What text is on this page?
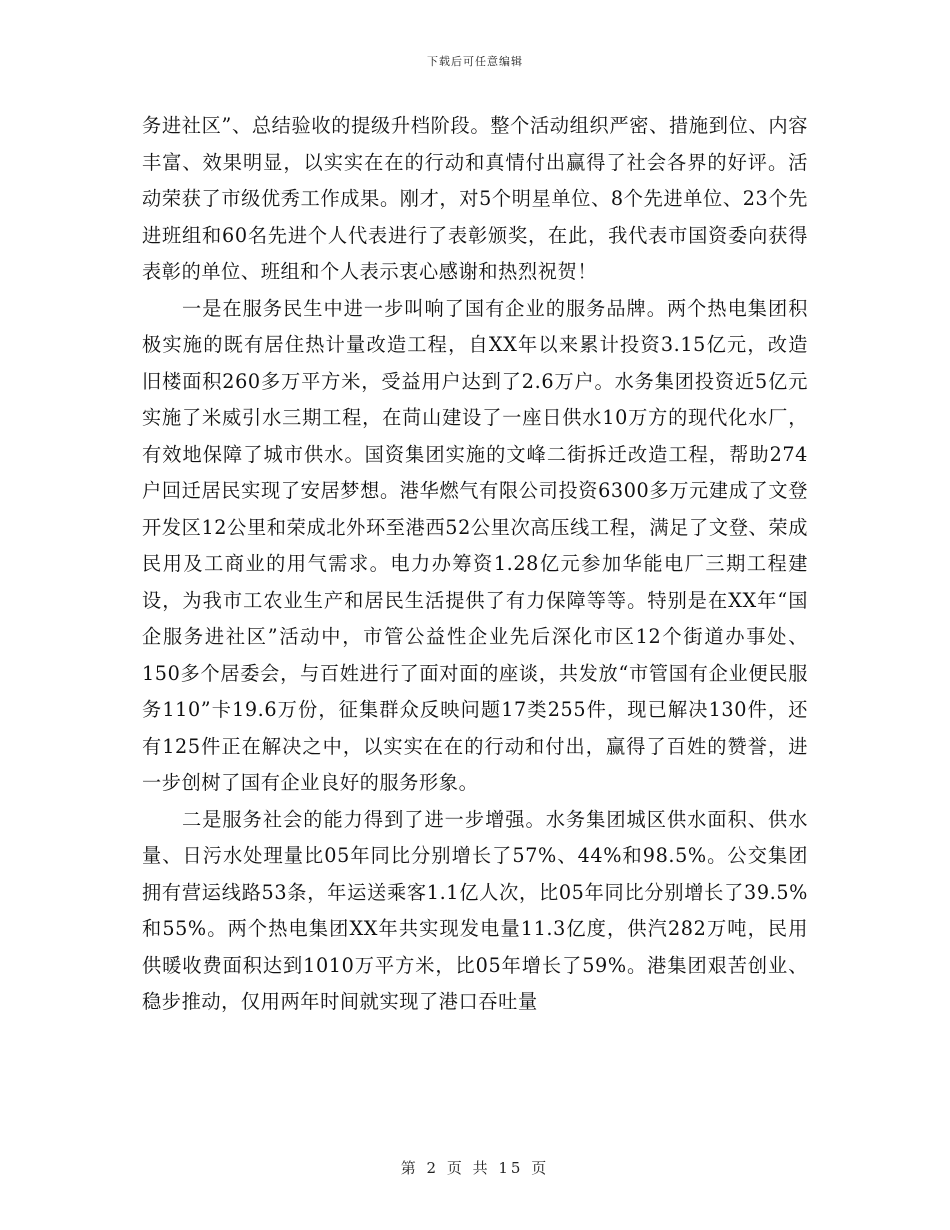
下载后可任意编辑

务进社区”、总结验收的提级升档阶段。整个活动组织严密、措施到位、内容丰富、效果明显，以实实在在的行动和真情付出赢得了社会各界的好评。活动荣获了市级优秀工作成果。刚才，对5个明星单位、8个先进单位、23个先进班组和60名先进个人代表进行了表彰颁奖，在此，我代表市国资委向获得表彰的单位、班组和个人表示衷心感谢和热烈祝贺！

一是在服务民生中进一步叫响了国有企业的服务品牌。两个热电集团积极实施的既有居住热计量改造工程，自XX年以来累计投资3.15亿元，改造旧楼面积260多万平方米，受益用户达到了2.6万户。水务集团投资近5亿元实施了米威引水三期工程，在苘山建设了一座日供水10万方的现代化水厂，有效地保障了城市供水。国资集团实施的文峰二街拆迁改造工程，帮助274户回迁居民实现了安居梦想。港华燃气有限公司投资6300多万元建成了文登开发区12公里和荣成北外环至港西52公里次高压线工程，满足了文登、荣成民用及工商业的用气需求。电力办筹资1.28亿元参加华能电厂三期工程建设，为我市工农业生产和居民生活提供了有力保障等等。特别是在XX年“国企服务进社区”活动中，市管公益性企业先后深化市区12个街道办事处、150多个居委会，与百姓进行了面对面的座谈，共发放“市管国有企业便民服务110”卡19.6万份，征集群众反映问题17类255件，现已解决130件，还有125件正在解决之中，以实实在在的行动和付出，赢得了百姓的赞誉，进一步创树了国有企业良好的服务形象。

二是服务社会的能力得到了进一步增强。水务集团城区供水面积、供水量、日污水处理量比05年同比分别增长了57%、44%和98.5%。公交集团拥有营运线路53条，年运送乘客1.1亿人次，比05年同比分别增长了39.5%和55%。两个热电集团XX年共实现发电量11.3亿度，供汽282万吨，民用供暖收费面积达到1010万平方米，比05年增长了59%。港集团艰苦创业、稳步推动，仅用两年时间就实现了港口吞吐量

第 2 页 共 15 页
